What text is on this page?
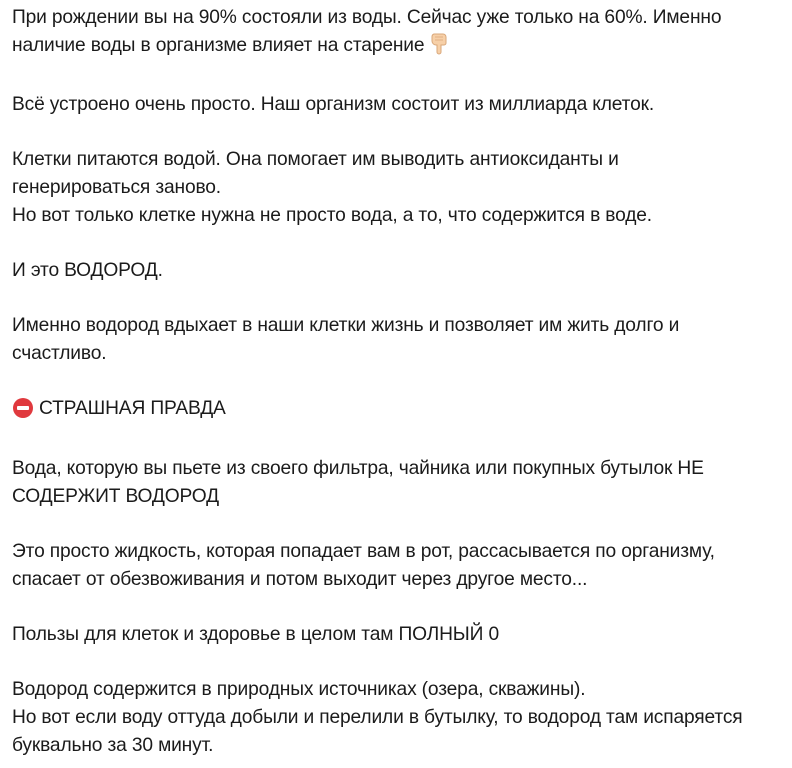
При рождении вы на 90% состояли из воды. Сейчас уже только на 60%. Именно
наличие воды в организме влияет на старение

Всё устроено очень просто. Наш организм состоит из миллиарда клеток.

Клетки питаются водой. Она помогает им выводить антиоксиданты и
генерироваться заново.
Но вот только клетке нужна не просто вода, а то, что содержится в воде.

И это ВОДОРОД.

Именно водород вдыхает в наши клетки жизнь и позволяет им жить долго и
счастливо.

СТРАШНАЯ ПРАВДА

Вода, которую вы пьете из своего фильтра, чайника или покупных бутылок НЕ
СОДЕРЖИТ ВОДОРОД

Это просто жидкость, которая попадает вам в рот, рассасывается по организму,
спасает от обезвоживания и потом выходит через другое место...

Пользы для клеток и здоровье в целом там ПОЛНЫЙ 0

Водород содержится в природных источниках (озера, скважины).
Но вот если воду оттуда добыли и перелили в бутылку, то водород там испаряется
буквально за 30 минут.
